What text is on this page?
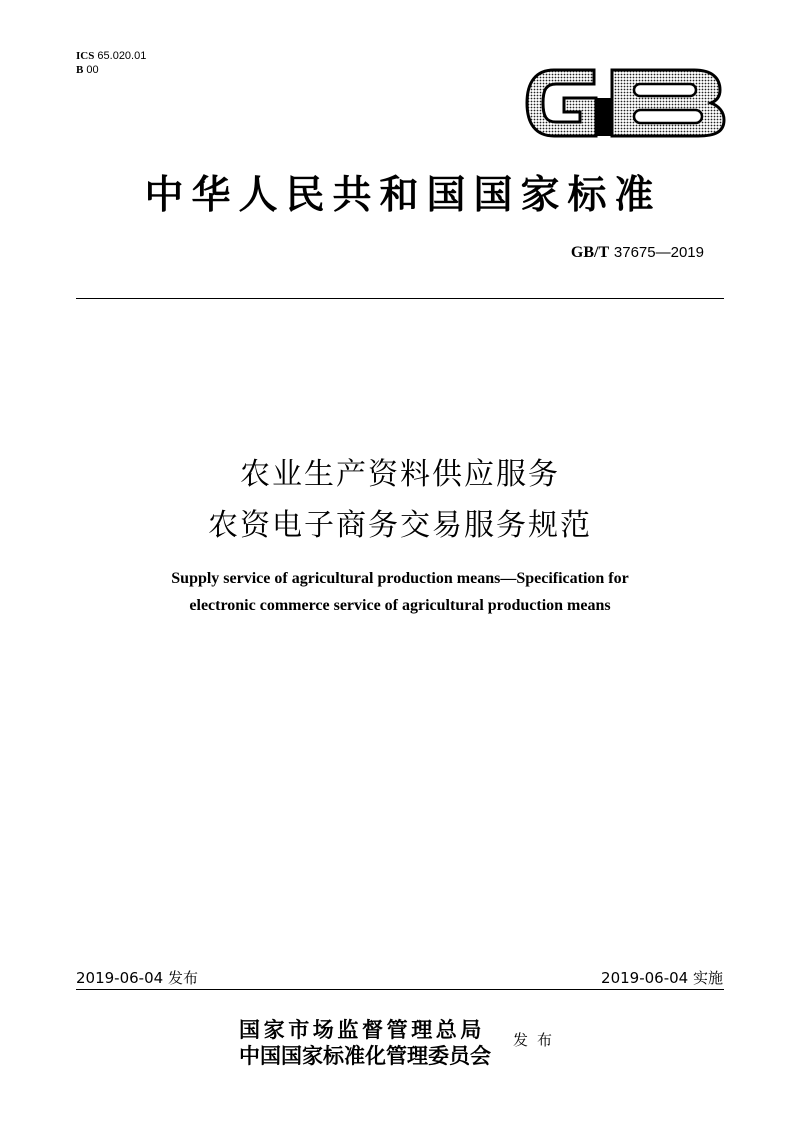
ICS 65.020.01
B 00
中华人民共和国国家标准
GB/T 37675—2019
农业生产资料供应服务
农资电子商务交易服务规范
Supply service of agricultural production means—Specification for
electronic commerce service of agricultural production means
2019-06-04 发布	2019-06-04 实施
国家市场监督管理总局
中国国家标准化管理委员会
发布
